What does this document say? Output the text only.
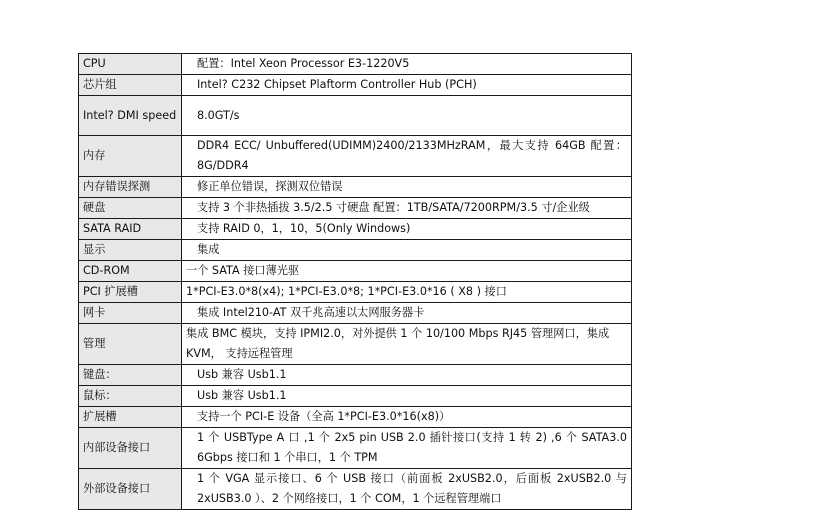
CPU	配置：Intel Xeon Processor E3-1220V5
芯片组	Intel? C232 Chipset Plaftorm Controller Hub (PCH)
Intel? DMI speed	8.0GT/s
内存	DDR4 ECC/ Unbuffered(UDIMM)2400/2133MHzRAM，最大支持 64GB 配置：8G/DDR4
内存错误探测	修正单位错误，探测双位错误
硬盘	支持 3 个非热插拔 3.5/2.5 寸硬盘 配置：1TB/SATA/7200RPM/3.5 寸/企业级
SATA RAID	支持 RAID 0，1，10，5(Only Windows)
显示	集成
CD-ROM	一个 SATA 接口薄光驱
PCI 扩展槽	1*PCI-E3.0*8(x4); 1*PCI-E3.0*8; 1*PCI-E3.0*16 ( X8 ) 接口
网卡	集成 Intel210-AT 双千兆高速以太网服务器卡
管理	集成 BMC 模块，支持 IPMI2.0，对外提供 1 个 10/100 Mbps RJ45 管理网口，集成 KVM， 支持远程管理
键盘：	Usb 兼容 Usb1.1
鼠标：	Usb 兼容 Usb1.1
扩展槽	支持一个 PCI-E 设备（全高 1*PCI-E3.0*16(x8)）
内部设备接口	1 个 USBType A 口 ,1 个 2x5 pin USB 2.0 插针接口(支持 1 转 2) ,6 个 SATA3.0 6Gbps 接口和 1 个串口，1 个 TPM
外部设备接口	1 个 VGA 显示接口、6 个 USB 接口（前面板 2xUSB2.0，后面板 2xUSB2.0 与 2xUSB3.0 ）、2 个网络接口，1 个 COM，1 个远程管理端口
